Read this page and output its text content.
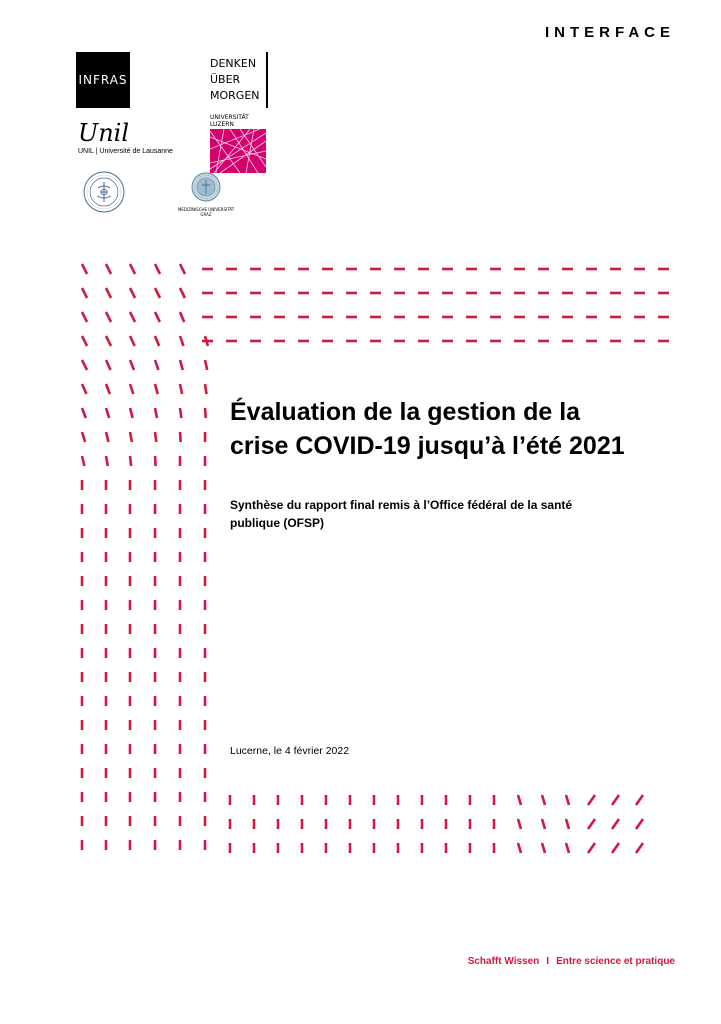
INTERFACE
INFRAS
DENKEN
ÜBER
MORGEN
Unil
UNIL | Université de Lausanne
UNIVERSITÄT
LUZERN
MEDIZINISCHE UNIVERSITÄT
GRAZ
Évaluation de la gestion de la
crise COVID-19 jusqu’à l’été 2021
Synthèse du rapport final remis à l’Office fédéral de la santé
publique (OFSP)
Lucerne, le 4 février 2022
Schafft Wissen I Entre science et pratique
